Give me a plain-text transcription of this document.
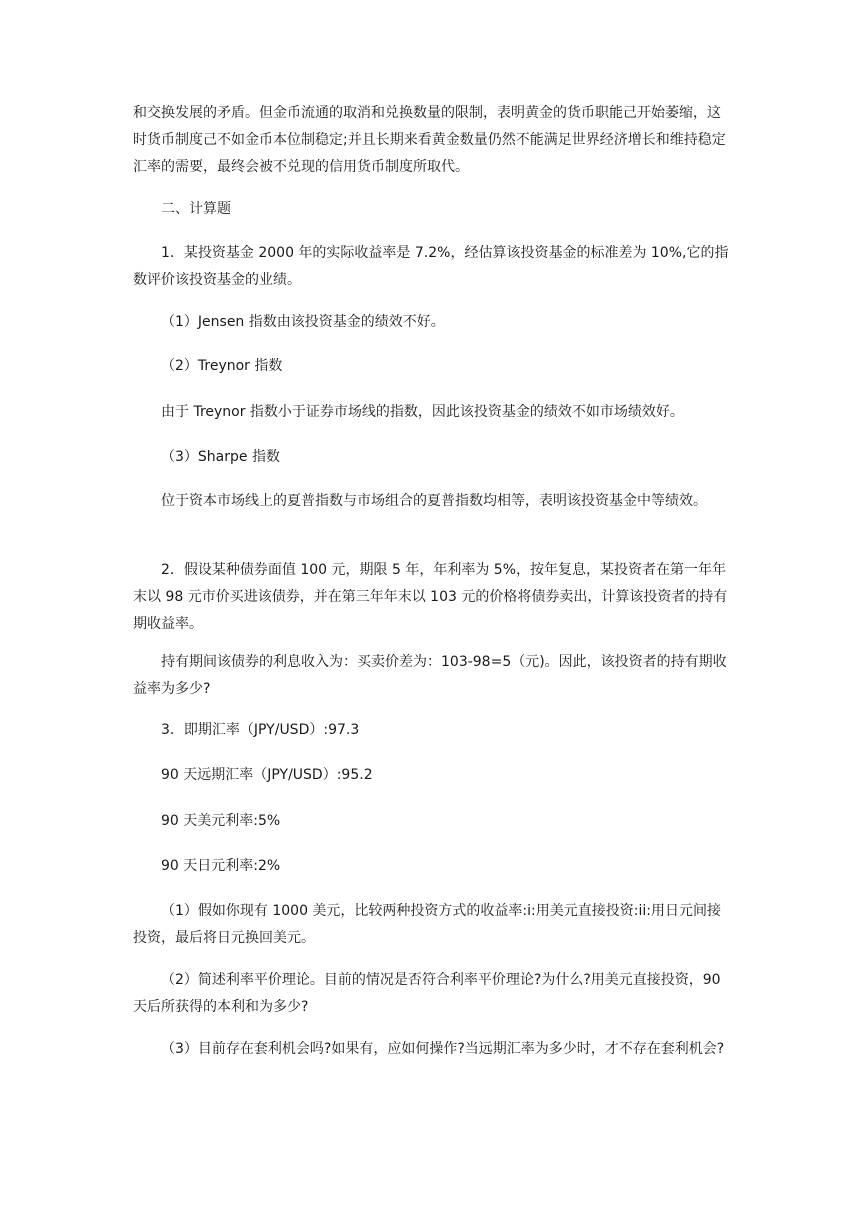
和交换发展的矛盾。但金币流通的取消和兑换数量的限制，表明黄金的货币职能己开始萎缩，这时货币制度己不如金币本位制稳定;并且长期来看黄金数量仍然不能满足世界经济增长和维持稳定汇率的需要，最终会被不兑现的信用货币制度所取代。

二、计算题

1．某投资基金 2000 年的实际收益率是 7.2%，经估算该投资基金的标准差为 10%,它的指数评价该投资基金的业绩。

（1）Jensen 指数由该投资基金的绩效不好。

（2）Treynor 指数

由于 Treynor 指数小于证券市场线的指数，因此该投资基金的绩效不如市场绩效好。

（3）Sharpe 指数

位于资本市场线上的夏普指数与市场组合的夏普指数均相等，表明该投资基金中等绩效。

2．假设某种债券面值 100 元，期限 5 年，年利率为 5%，按年复息，某投资者在第一年年末以 98 元市价买进该债券，并在第三年年末以 103 元的价格将债券卖出，计算该投资者的持有期收益率。

持有期间该债券的利息收入为：买卖价差为：103-98=5（元)。因此，该投资者的持有期收益率为多少?

3．即期汇率（JPY/USD）:97.3

90 天远期汇率（JPY/USD）:95.2

90 天美元利率:5%

90 天日元利率:2%

（1）假如你现有 1000 美元，比较两种投资方式的收益率:i:用美元直接投资:ii:用日元间接投资，最后将日元换回美元。

（2）简述利率平价理论。目前的情况是否符合利率平价理论?为什么?用美元直接投资，90 天后所获得的本利和为多少?

（3）目前存在套利机会吗?如果有，应如何操作?当远期汇率为多少时，才不存在套利机会?
